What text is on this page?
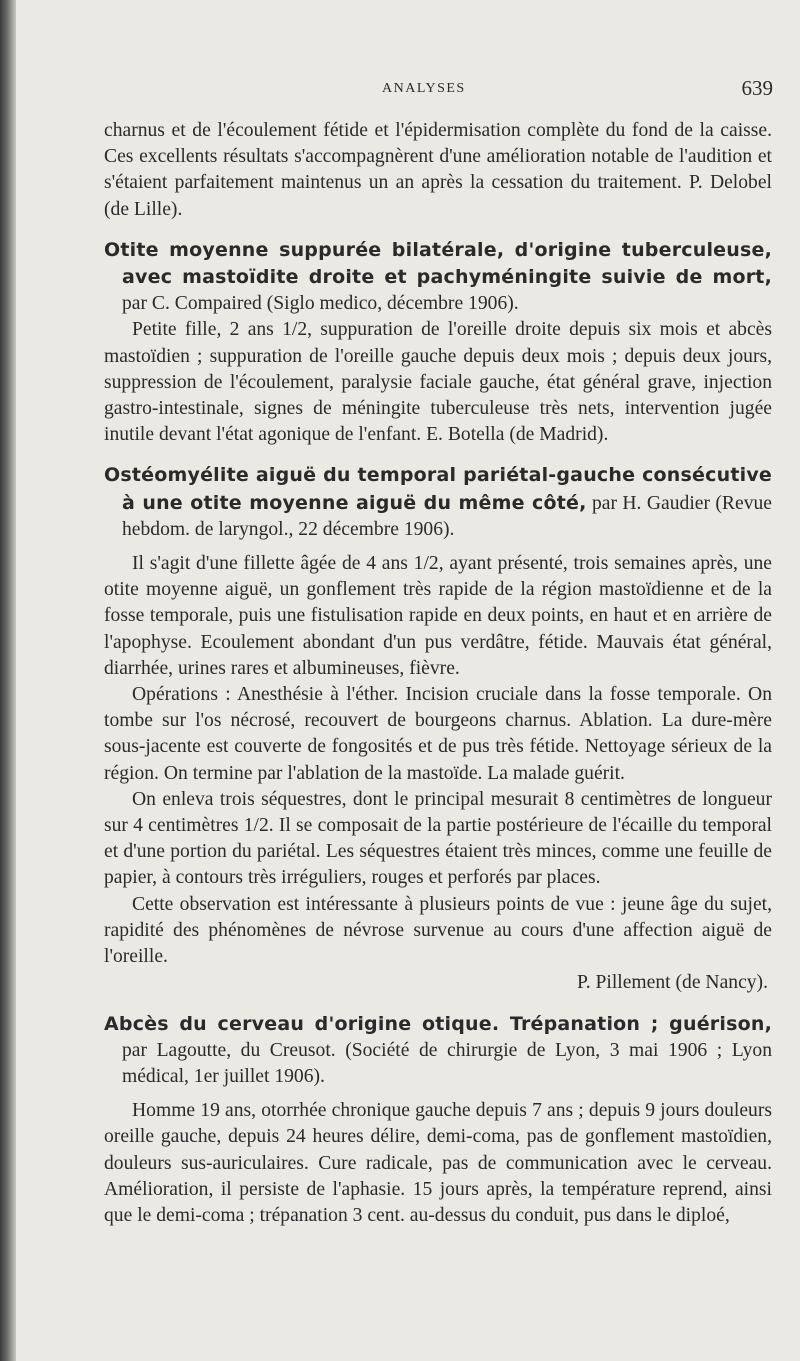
ANALYSES	639

charnus et de l'écoulement fétide et l'épidermisation complète du fond de la caisse. Ces excellents résultats s'accompagnèrent d'une amélioration notable de l'audition et s'étaient parfaitement maintenus un an après la cessation du traitement. P. Delobel (de Lille).

Otite moyenne suppurée bilatérale, d'origine tuberculeuse, avec mastoïdite droite et pachyméningite suivie de mort, par C. Compaired (Siglo medico, décembre 1906).

Petite fille, 2 ans 1/2, suppuration de l'oreille droite depuis six mois et abcès mastoïdien ; suppuration de l'oreille gauche depuis deux mois ; depuis deux jours, suppression de l'écoulement, paralysie faciale gauche, état général grave, injection gastro-intestinale, signes de méningite tuberculeuse très nets, intervention jugée inutile devant l'état agonique de l'enfant. E. Botella (de Madrid).

Ostéomyélite aiguë du temporal pariétal-gauche consécutive à une otite moyenne aiguë du même côté, par H. Gaudier (Revue hebdom. de laryngol., 22 décembre 1906).

Il s'agit d'une fillette âgée de 4 ans 1/2, ayant présenté, trois semaines après, une otite moyenne aiguë, un gonflement très rapide de la région mastoïdienne et de la fosse temporale, puis une fistulisation rapide en deux points, en haut et en arrière de l'apophyse. Ecoulement abondant d'un pus verdâtre, fétide. Mauvais état général, diarrhée, urines rares et albumineuses, fièvre.

Opérations : Anesthésie à l'éther. Incision cruciale dans la fosse temporale. On tombe sur l'os nécrosé, recouvert de bourgeons charnus. Ablation. La dure-mère sous-jacente est couverte de fongosités et de pus très fétide. Nettoyage sérieux de la région. On termine par l'ablation de la mastoïde. La malade guérit.

On enleva trois séquestres, dont le principal mesurait 8 centimètres de longueur sur 4 centimètres 1/2. Il se composait de la partie postérieure de l'écaille du temporal et d'une portion du pariétal. Les séquestres étaient très minces, comme une feuille de papier, à contours très irréguliers, rouges et perforés par places.

Cette observation est intéressante à plusieurs points de vue : jeune âge du sujet, rapidité des phénomènes de névrose survenue au cours d'une affection aiguë de l'oreille.

P. Pillement (de Nancy).

Abcès du cerveau d'origine otique. Trépanation ; guérison, par Lagoutte, du Creusot. (Société de chirurgie de Lyon, 3 mai 1906 ; Lyon médical, 1er juillet 1906).

Homme 19 ans, otorrhée chronique gauche depuis 7 ans ; depuis 9 jours douleurs oreille gauche, depuis 24 heures délire, demi-coma, pas de gonflement mastoïdien, douleurs sus-auriculaires. Cure radicale, pas de communication avec le cerveau. Amélioration, il persiste de l'aphasie. 15 jours après, la température reprend, ainsi que le demi-coma ; trépanation 3 cent. au-dessus du conduit, pus dans le diploé,
